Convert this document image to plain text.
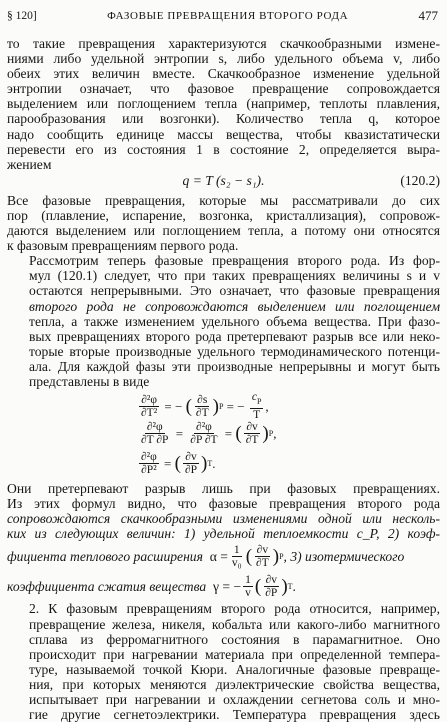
§ 120]	ФАЗОВЫЕ ПРЕВРАЩЕНИЯ ВТОРОГО РОДА	477

то такие превращения характеризуются скачкообразными измене-
ниями либо удельной энтропии s, либо удельного объема v, либо
обеих этих величин вместе. Скачкообразное изменение удельной
энтропии означает, что фазовое превращение сопровождается
выделением или поглощением тепла (например, теплоты плавления,
парообразования или возгонки). Количество тепла q, которое
надо сообщить единице массы вещества, чтобы квазистатически
перевести его из состояния 1 в состояние 2, определяется выра-
жением

q = T (s₂ − s₁).	(120.2)

Все фазовые превращения, которые мы рассматривали до сих
пор (плавление, испарение, возгонка, кристаллизация), сопровож-
даются выделением или поглощением тепла, а потому они относятся
к фазовым превращениям первого рода.

Рассмотрим теперь фазовые превращения второго рода. Из фор-
мул (120.1) следует, что при таких превращениях величины s и v
остаются непрерывными. Это означает, что фазовые превращения
второго рода не сопровождаются выделением или поглощением
тепла, а также изменением удельного объема вещества. При фазо-
вых превращениях второго рода претерпевают разрыв все или неко-
торые вторые производные удельного термодинамического потенци-
ала. Для каждой фазы эти производные непрерывны и могут быть
представлены в виде

$\frac{\text{∂²φ}}{\text{∂T²}}$ = − ( $\frac{\partial s}{\partial T}$ ) P = − $\frac{c_P}{T}$ ,
$\frac{\text{∂²φ}}{\partial T \partial P} = \frac{\text{∂²φ}}{\partial P \partial T}$ = ( $\frac{\partial v}{\partial T}$ ) P ,
$\frac{\text{∂²φ}}{\text{∂P²}}$ = ( $\frac{\partial v}{\partial P}$ ) T .

Они претерпевают разрыв лишь при фазовых превращениях.
Из этих формул видно, что фазовые превращения второго рода
сопровождаются скачкообразными изменениями одной или несколь-
ких из следующих величин: 1) удельной теплоемкости c_P, 2) коэф-
фициента теплового расширения
$\alpha = \frac{1}{\text{v₀}}$ ( $\frac{\partial v}{\partial T}$ ) P , 3) изотермического
коэффициента сжатия вещества
γ = − $\frac{1}{v}$ ( $\frac{\partial v}{\partial P}$ ) T .

2. К фазовым превращениям второго рода относится, например,
превращение железа, никеля, кобальта или какого-либо магнитного
сплава из ферромагнитного состояния в парамагнитное. Оно
происходит при нагревании материала при определенной темпера-
туре, называемой точкой Кюри. Аналогичные фазовые превраще-
ния, при которых меняются диэлектрические свойства вещества,
испытывает при нагревании и охлаждении сегнетова соль и мно-
гие другие сегнетоэлектрики. Температура превращения здесь
